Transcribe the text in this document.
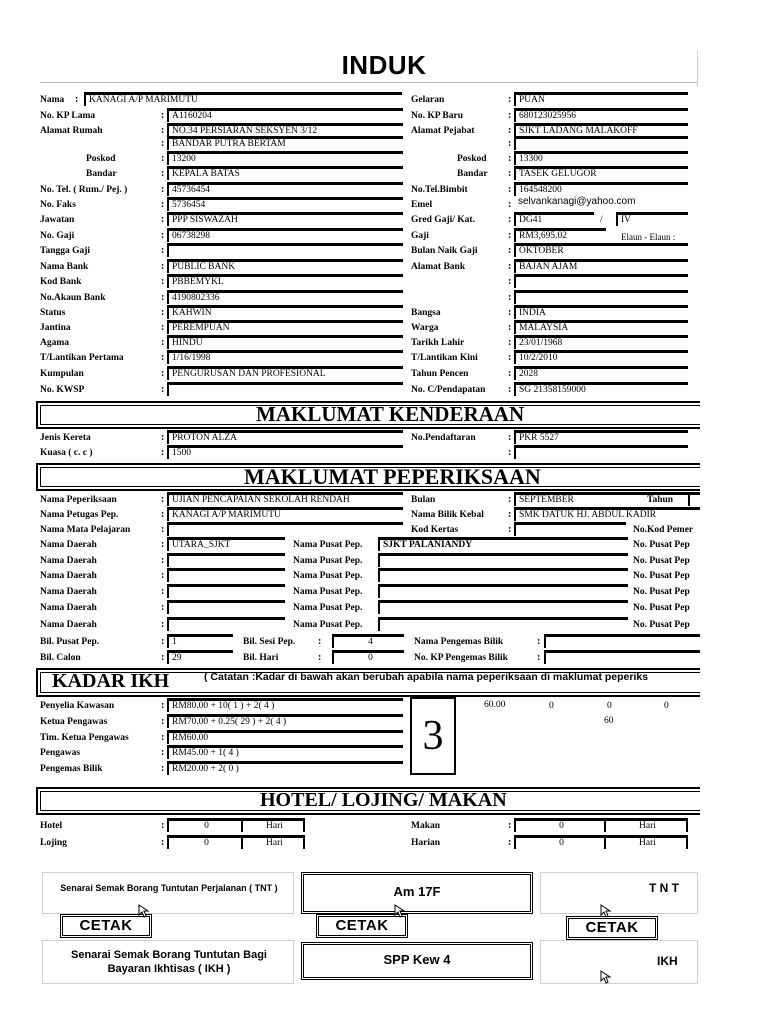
INDUK
Nama :	KANAGI A/P MARIMUTU
No. KP Lama	: A1160204
Alamat Rumah	: NO.34 PERSIARAN SEKSYEN 3/12
: BANDAR PUTRA BERTAM
Poskod	: 13200
Bandar	: KEPALA BATAS
No. Tel. ( Rum./ Pej. )	: 45736454
No. Faks	: 5736454
Jawatan	: PPP SISWAZAH
No. Gaji	: 06738298
Tangga Gaji	:
Nama Bank	: PUBLIC BANK
Kod Bank	: PBBEMYKL
No.Akaun Bank	: 4190802336
Status	: KAHWIN
Jantina	: PEREMPUAN
Agama	: HINDU
T/Lantikan Pertama	: 1/16/1998
Kumpulan	: PENGURUSAN DAN PROFESIONAL
No. KWSP	:
Gelaran	: PUAN
No. KP Baru	: 680123025956
Alamat Pejabat	: SJKT LADANG MALAKOFF
:
Poskod : 13300
Bandar : TASEK GELUGOR
No.Tel.Bimbit	: 164548200
Emel	: selvankanagi@yahoo.com
Gred Gaji/ Kat.	: DG41	/	IV
Gaji	: RM3,695.02	Elaun - Elaun :
Bulan Naik Gaji	: OKTOBER
Alamat Bank	: BAJAN AJAM
:
:
Bangsa	: INDIA
Warga	: MALAYSIA
Tarikh Lahir	: 23/01/1968
T/Lantikan Kini	: 10/2/2010
Tahun Pencen	: 2028
No. C/Pendapatan : SG 21358159000
MAKLUMAT KENDERAAN
Jenis Kereta	: PROTON ALZA
Kuasa ( c. c )	: 1500
No.Pendaftaran	: PKR 5527
:
MAKLUMAT PEPERIKSAAN
Nama Peperiksaan	: UJIAN PENCAPAIAN SEKOLAH RENDAH
Nama Petugas Pep.	: KANAGI A/P MARIMUTU
Nama Mata Pelajaran	:
Bulan	: SEPTEMBER	Tahun
Nama Bilik Kebal : SMK DATUK HJ. ABDUL KADIR
Kod Kertas	:	No.Kod Pemer
Nama Daerah	: UTARA_SJKT	Nama Pusat Pep.	SJKT PALANIANDY	No. Pusat Pep
Nama Daerah	:	Nama Pusat Pep.	No. Pusat Pep
Nama Daerah	:	Nama Pusat Pep.	No. Pusat Pep
Nama Daerah	:	Nama Pusat Pep.	No. Pusat Pep
Nama Daerah	:	Nama Pusat Pep.	No. Pusat Pep
Nama Daerah	:	Nama Pusat Pep.	No. Pusat Pep
Bil. Pusat Pep.	: 1	Bil. Sesi Pep. :	4	Nama Pengemas Bilik	:
Bil. Calon	: 29	Bil. Hari	:	0	No. KP Pengemas Bilik	:
KADAR IKH	( Catatan :Kadar di bawah akan berubah apabila nama peperiksaan di maklumat peperiks
Penyelia Kawasan	: RM80.00 + 10( 1 ) + 2( 4 )
Ketua Pengawas	: RM70.00 + 0.25( 29 ) + 2( 4 )
Tim. Ketua Pengawas	: RM60.00
Pengawas	: RM45.00 + 1( 4 )
Pengemas Bilik	: RM20.00 + 2( 0 )
3
60.00	0	0	0
60
HOTEL/ LOJING/ MAKAN
Hotel	:	0	Hari
Lojing	:	0	Hari
Makan	:	0	Hari
Harian	:	0	Hari
Senarai Semak Borang Tuntutan Perjalanan ( TNT )	Am 17F	T N T
CETAK	CETAK	CETAK
Senarai Semak Borang Tuntutan Bagi Bayaran Ikhtisas ( IKH )
SPP Kew 4	IKH
